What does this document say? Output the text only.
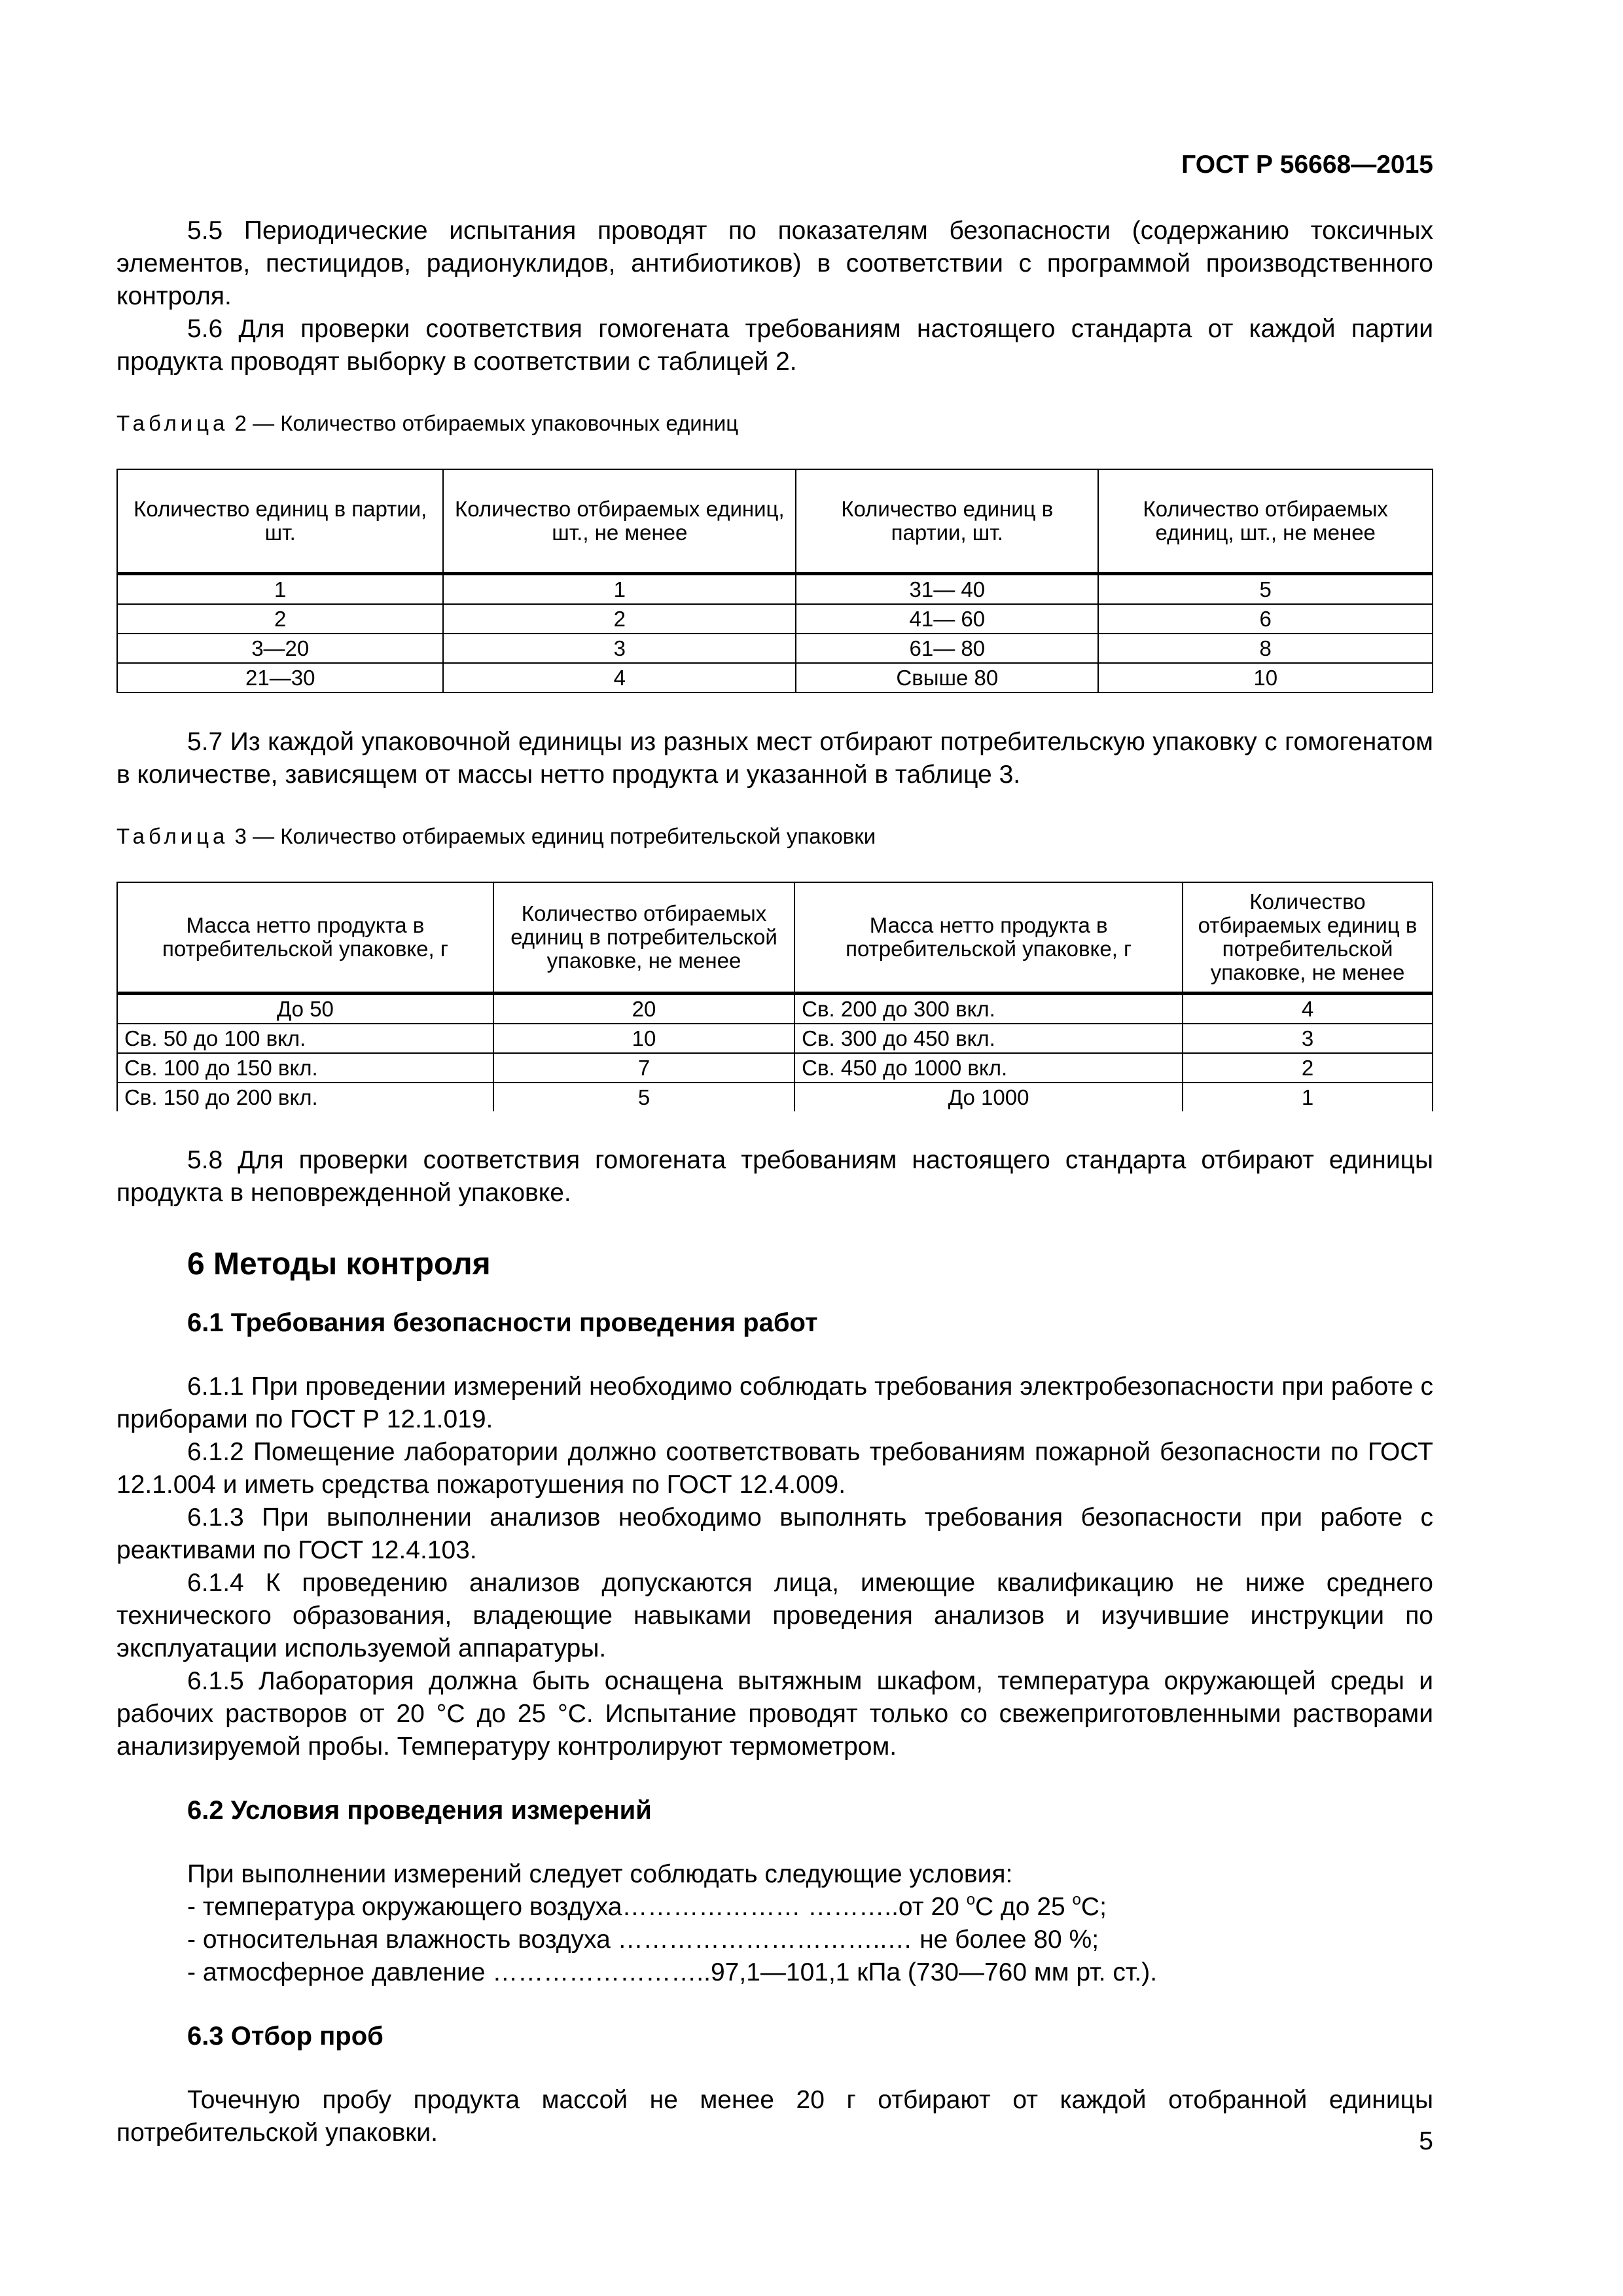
ГОСТ Р 56668—2015

5.5 Периодические испытания проводят по показателям безопасности (содержанию токсичных элементов, пестицидов, радионуклидов, антибиотиков) в соответствии с программой производственного контроля.

5.6 Для проверки соответствия гомогената требованиям настоящего стандарта от каждой партии продукта проводят выборку в соответствии с таблицей 2.

Таблица 2 — Количество отбираемых упаковочных единиц
Количество единиц в партии, шт.	Количество отбираемых единиц, шт., не менее	Количество единиц в партии, шт.	Количество отбираемых единиц, шт., не менее
1	1	31— 40	5
2	2	41— 60	6
3—20	3	61— 80	8
21—30	4	Свыше 80	10

5.7 Из каждой упаковочной единицы из разных мест отбирают потребительскую упаковку с гомогенатом в количестве, зависящем от массы нетто продукта и указанной в таблице 3.

Таблица 3 — Количество отбираемых единиц потребительской упаковки
Масса нетто продукта в потребительской упаковке, г	Количество отбираемых единиц в потребительской упаковке, не менее	Масса нетто продукта в потребительской упаковке, г	Количество отбираемых единиц в потребительской упаковке, не менее
До 50	20	Св. 200 до 300 вкл.	4
Св. 50 до 100 вкл.	10	Св. 300 до 450 вкл.	3
Св. 100 до 150 вкл.	7	Св. 450 до 1000 вкл.	2
Св. 150 до 200 вкл.	5	До 1000	1

5.8 Для проверки соответствия гомогената требованиям настоящего стандарта отбирают единицы продукта в неповрежденной упаковке.

6 Методы контроля
6.1 Требования безопасности проведения работ

6.1.1 При проведении измерений необходимо соблюдать требования электробезопасности при работе с приборами по ГОСТ Р 12.1.019.

6.1.2 Помещение лаборатории должно соответствовать требованиям пожарной безопасности по ГОСТ 12.1.004 и иметь средства пожаротушения по ГОСТ 12.4.009.

6.1.3 При выполнении анализов необходимо выполнять требования безопасности при работе с реактивами по ГОСТ 12.4.103.

6.1.4 К проведению анализов допускаются лица, имеющие квалификацию не ниже среднего технического образования, владеющие навыками проведения анализов и изучившие инструкции по эксплуатации используемой аппаратуры.

6.1.5 Лаборатория должна быть оснащена вытяжным шкафом, температура окружающей среды и рабочих растворов от 20 °С до 25 °С. Испытание проводят только со свежеприготовленными растворами анализируемой пробы. Температуру контролируют термометром.

6.2 Условия проведения измерений
При выполнении измерений следует соблюдать следующие условия:
- температура окружающего воздуха………………… ………..от 20 $^о$С до 25 $^о$С;
- относительная влажность воздуха …………………………..… не более 80 %;
- атмосферное давление ……………………..97,1—101,1 кПа (730—760 мм рт. ст.).
6.3 Отбор проб

Точечную пробу продукта массой не менее 20 г отбирают от каждой отобранной единицы потребительской упаковки.	5
